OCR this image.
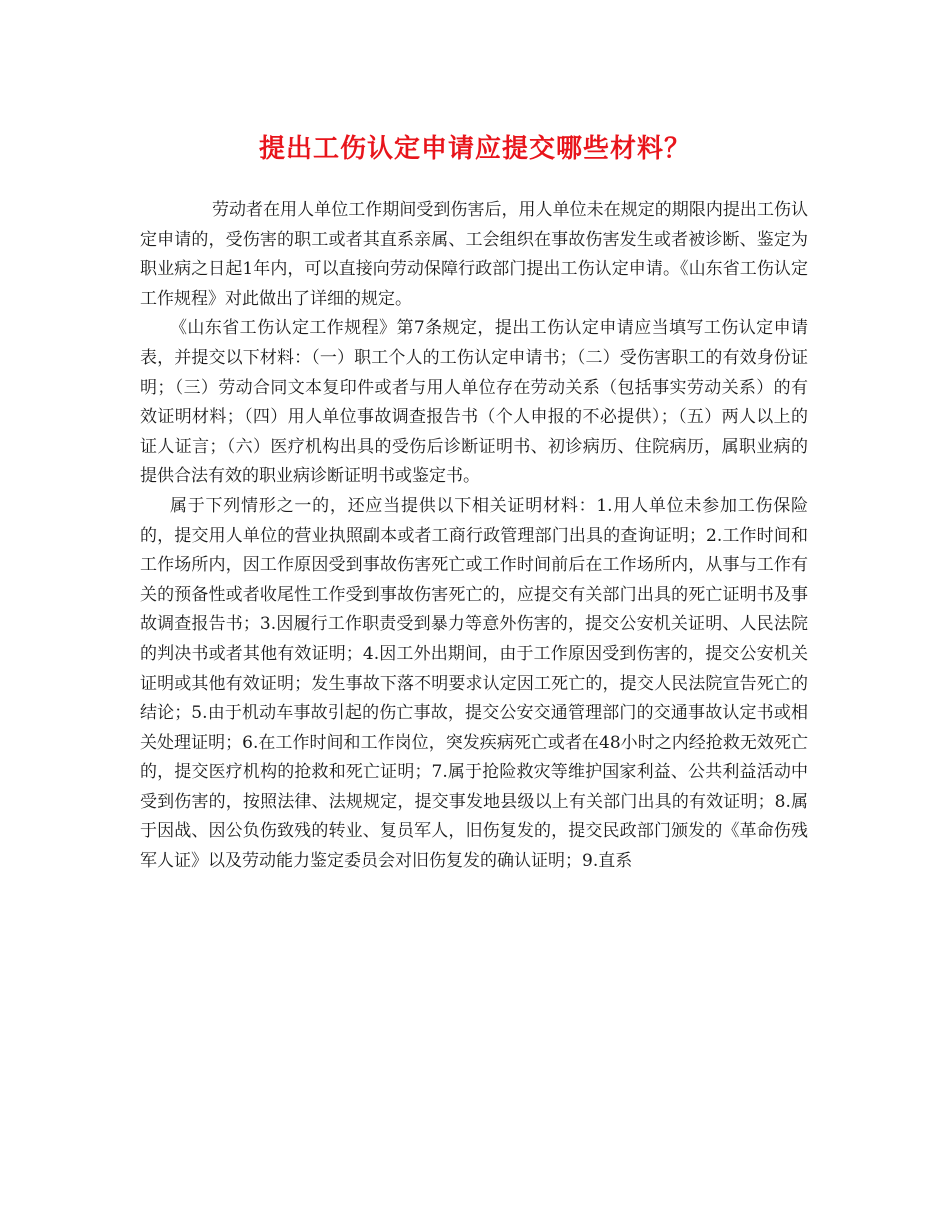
提出工伤认定申请应提交哪些材料？

劳动者在用人单位工作期间受到伤害后，用人单位未在规定的期限内提出工伤认定申请的，受伤害的职工或者其直系亲属、工会组织在事故伤害发生或者被诊断、鉴定为职业病之日起1年内，可以直接向劳动保障行政部门提出工伤认定申请。《山东省工伤认定工作规程》对此做出了详细的规定。

《山东省工伤认定工作规程》第7条规定，提出工伤认定申请应当填写工伤认定申请表，并提交以下材料：（一）职工个人的工伤认定申请书；（二）受伤害职工的有效身份证明；（三）劳动合同文本复印件或者与用人单位存在劳动关系（包括事实劳动关系）的有效证明材料；（四）用人单位事故调查报告书（个人申报的不必提供）；（五）两人以上的证人证言；（六）医疗机构出具的受伤后诊断证明书、初诊病历、住院病历，属职业病的提供合法有效的职业病诊断证明书或鉴定书。

属于下列情形之一的，还应当提供以下相关证明材料：1.用人单位未参加工伤保险的，提交用人单位的营业执照副本或者工商行政管理部门出具的查询证明；2.工作时间和工作场所内，因工作原因受到事故伤害死亡或工作时间前后在工作场所内，从事与工作有关的预备性或者收尾性工作受到事故伤害死亡的，应提交有关部门出具的死亡证明书及事故调查报告书；3.因履行工作职责受到暴力等意外伤害的，提交公安机关证明、人民法院的判决书或者其他有效证明；4.因工外出期间，由于工作原因受到伤害的，提交公安机关证明或其他有效证明；发生事故下落不明要求认定因工死亡的，提交人民法院宣告死亡的结论；5.由于机动车事故引起的伤亡事故，提交公安交通管理部门的交通事故认定书或相关处理证明；6.在工作时间和工作岗位，突发疾病死亡或者在48小时之内经抢救无效死亡的，提交医疗机构的抢救和死亡证明；7.属于抢险救灾等维护国家利益、公共利益活动中受到伤害的，按照法律、法规规定，提交事发地县级以上有关部门出具的有效证明；8.属于因战、因公负伤致残的转业、复员军人，旧伤复发的，提交民政部门颁发的《革命伤残军人证》以及劳动能力鉴定委员会对旧伤复发的确认证明；9.直系
